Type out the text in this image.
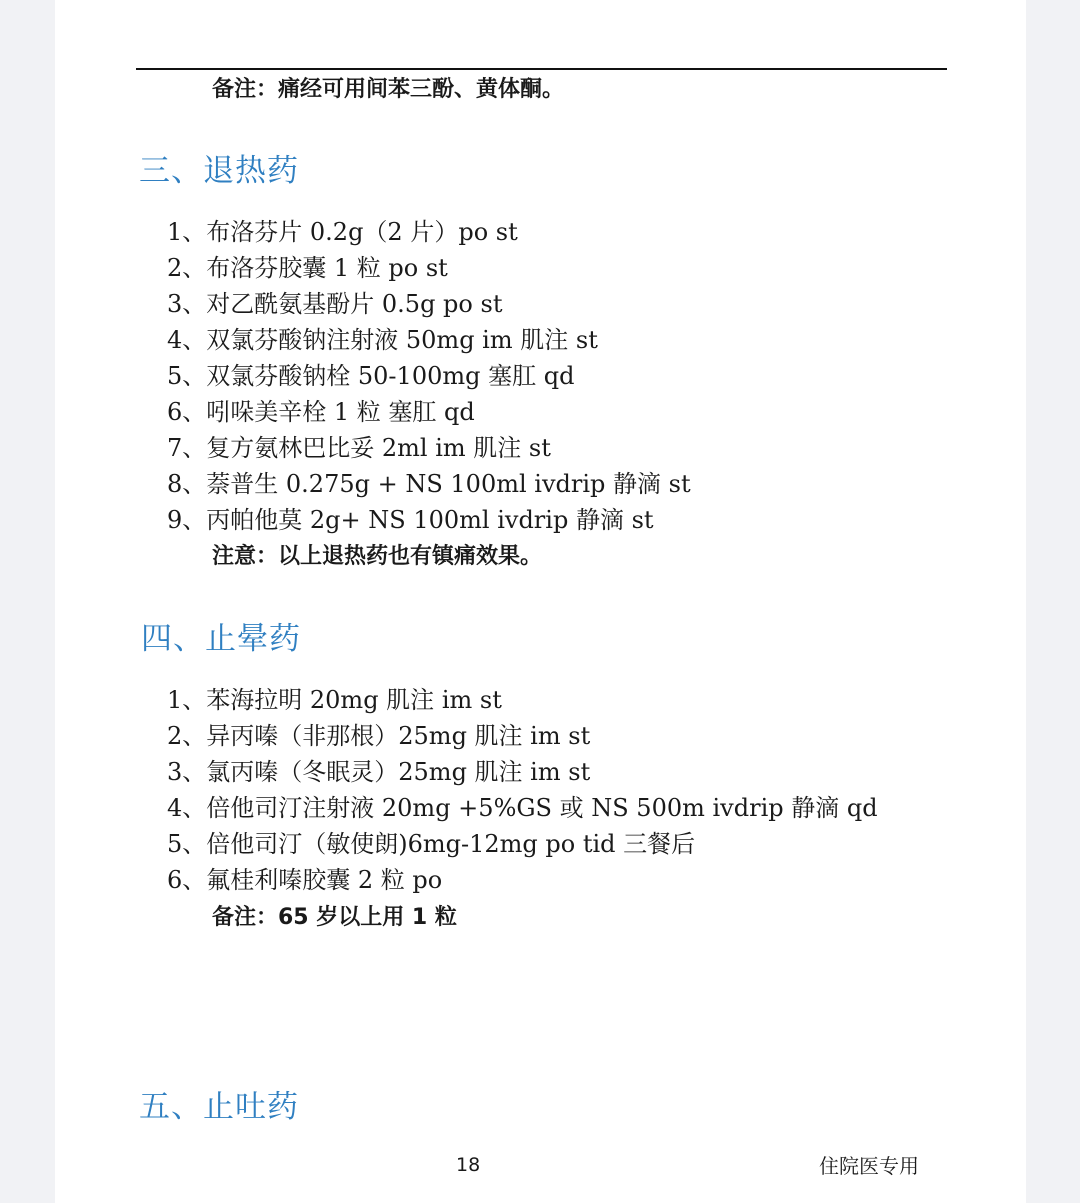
备注：痛经可用间苯三酚、黄体酮。
三、退热药
1、布洛芬片 0.2g（2 片）po st
2、布洛芬胶囊 1 粒 po st
3、对乙酰氨基酚片 0.5g po st
4、双氯芬酸钠注射液 50mg im 肌注 st
5、双氯芬酸钠栓 50-100mg 塞肛 qd
6、吲哚美辛栓 1 粒 塞肛 qd
7、复方氨林巴比妥 2ml im 肌注 st
8、萘普生 0.275g + NS 100ml ivdrip 静滴 st
9、丙帕他莫 2g+ NS 100ml ivdrip 静滴 st
注意：以上退热药也有镇痛效果。
四、止晕药
1、苯海拉明 20mg 肌注 im st
2、异丙嗪（非那根）25mg 肌注 im st
3、氯丙嗪（冬眠灵）25mg 肌注 im st
4、倍他司汀注射液 20mg +5%GS 或 NS 500m ivdrip 静滴 qd
5、倍他司汀（敏使朗)6mg-12mg po tid 三餐后
6、氟桂利嗪胶囊 2 粒 po
备注：65 岁以上用 1 粒
五、止吐药
18	住院医专用
